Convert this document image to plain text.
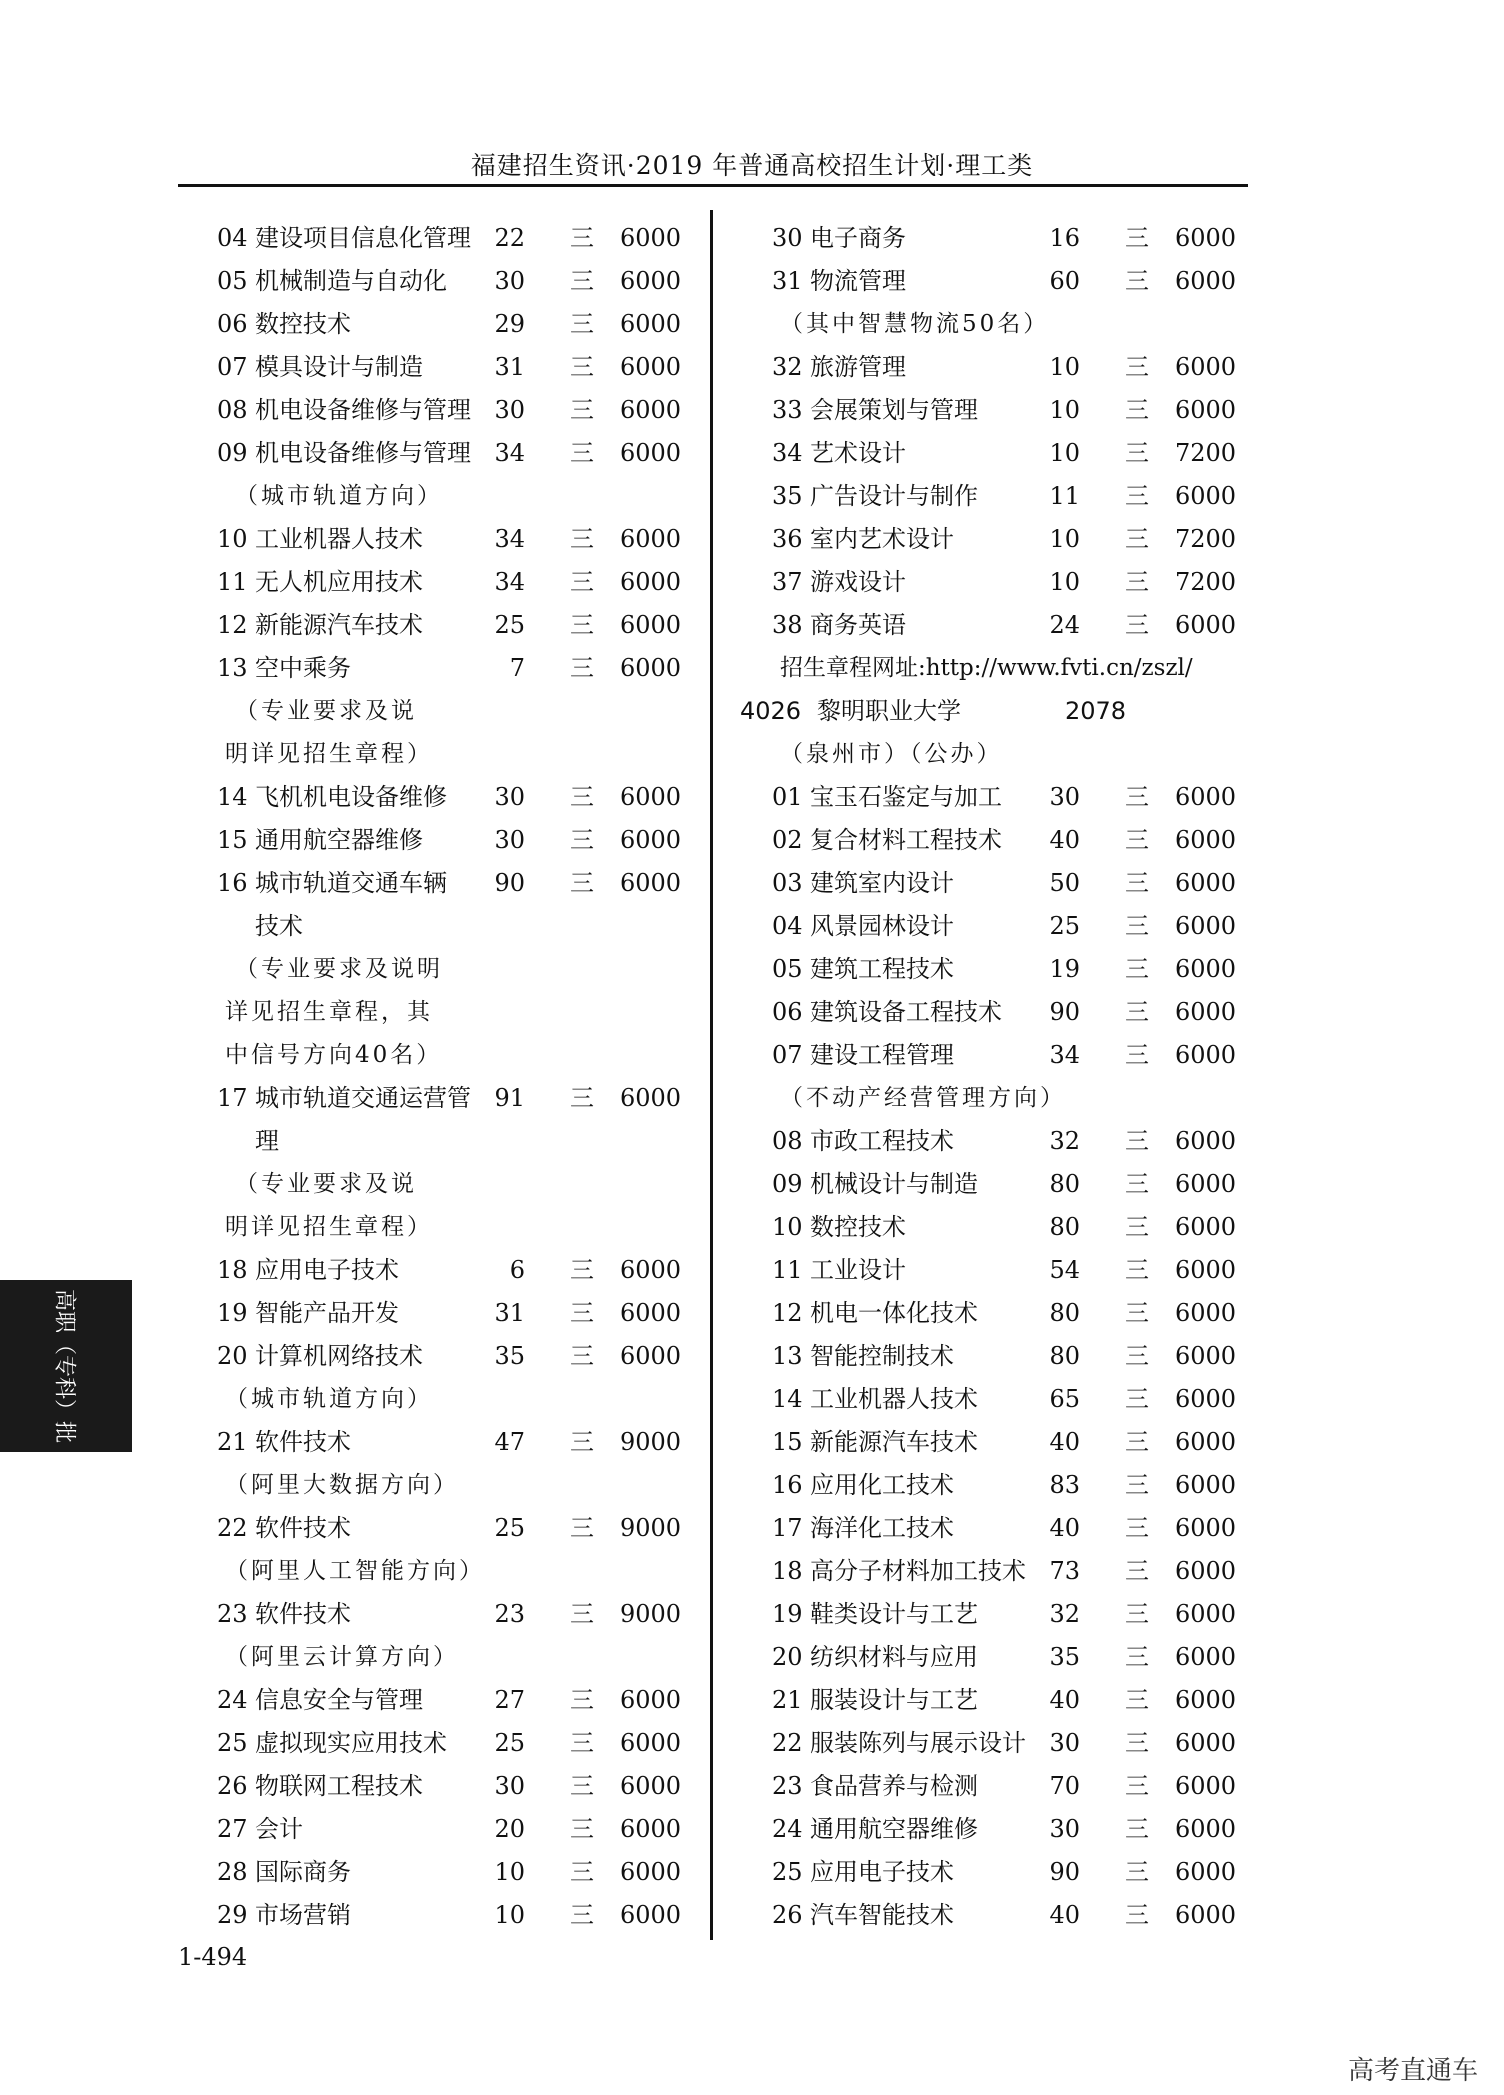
福建招生资讯·2019 年普通高校招生计划·理工类
04 建设项目信息化管理 22 三 6000
05 机械制造与自动化 30 三 6000
06 数控技术	29 三 6000
07 模具设计与制造	31 三 6000
08 机电设备维修与管理 30 三 6000
09 机电设备维修与管理 34 三 6000
（城市轨道方向）
10 工业机器人技术	34 三 6000
11 无人机应用技术	34 三 6000
12 新能源汽车技术	25 三 6000
13 空中乘务	7 三 6000
（专业要求及说
明详见招生章程）
14 飞机机电设备维修 30 三 6000
15 通用航空器维修	30 三 6000
16 城市轨道交通车辆 90 三 6000
技术
（专业要求及说明
详见招生章程，其
中信号方向40名）
17 城市轨道交通运营管 91 三 6000
理
（专业要求及说
明详见招生章程）
18 应用电子技术	6 三 6000
19 智能产品开发	31 三 6000
20 计算机网络技术	35 三 6000
（城市轨道方向）
21 软件技术	47 三 9000
（阿里大数据方向）
22 软件技术	25 三 9000
（阿里人工智能方向）
23 软件技术	23 三 9000
（阿里云计算方向）
24 信息安全与管理	27 三 6000
25 虚拟现实应用技术 25 三 6000
26 物联网工程技术	30 三 6000
27 会计	20 三 6000
28 国际商务	10 三 6000
29 市场营销	10 三 6000
30 电子商务	16 三 6000
31 物流管理	60 三 6000
（其中智慧物流50名）
32 旅游管理	10 三 6000
33 会展策划与管理	10 三 6000
34 艺术设计	10 三 7200
35 广告设计与制作	11 三 6000
36 室内艺术设计	10 三 7200
37 游戏设计	10 三 7200
38 商务英语	24 三 6000
招生章程网址:http://www.fvti.cn/zszl/
4026 黎明职业大学	2078
（泉州市）（公办）
01 宝玉石鉴定与加工 30 三 6000
02 复合材料工程技术 40 三 6000
03 建筑室内设计	50 三 6000
04 风景园林设计	25 三 6000
05 建筑工程技术	19 三 6000
06 建筑设备工程技术 90 三 6000
07 建设工程管理	34 三 6000
（不动产经营管理方向）
08 市政工程技术	32 三 6000
09 机械设计与制造	80 三 6000
10 数控技术	80 三 6000
11 工业设计	54 三 6000
12 机电一体化技术	80 三 6000
13 智能控制技术	80 三 6000
14 工业机器人技术	65 三 6000
15 新能源汽车技术	40 三 6000
16 应用化工技术	83 三 6000
17 海洋化工技术	40 三 6000
18 高分子材料加工技术 73 三 6000
19 鞋类设计与工艺	32 三 6000
20 纺织材料与应用	35 三 6000
21 服装设计与工艺	40 三 6000
22 服装陈列与展示设计 30 三 6000
23 食品营养与检测	70 三 6000
24 通用航空器维修	30 三 6000
25 应用电子技术	90 三 6000
26 汽车智能技术	40 三 6000
高职（专科）批
1-494
高考直通车
